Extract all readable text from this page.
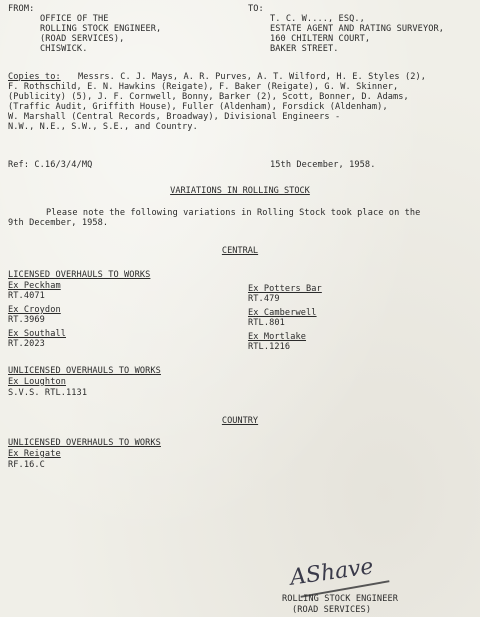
FROM:
OFFICE OF THE
ROLLING STOCK ENGINEER,
(ROAD SERVICES),
CHISWICK.
TO:
T. C. W...., ESQ.,
ESTATE AGENT AND RATING SURVEYOR,
160 CHILTERN COURT,
BAKER STREET.
Copies to: Messrs. C. J. Mays, A. R. Purves, A. T. Wilford, H. E. Styles (2),
F. Rothschild, E. N. Hawkins (Reigate), F. Baker (Reigate), G. W. Skinner,
(Publicity) (5), J. F. Cornwell, Bonny, Barker (2), Scott, Bonner, D. Adams,
(Traffic Audit, Griffith House), Fuller (Aldenham), Forsdick (Aldenham),
W. Marshall (Central Records, Broadway), Divisional Engineers -
N.W., N.E., S.W., S.E., and Country.
Ref: C.16/3/4/MQ	15th December, 1958.
VARIATIONS IN ROLLING STOCK
Please note the following variations in Rolling Stock took place on the
9th December, 1958.
CENTRAL
LICENSED OVERHAULS TO WORKS
Ex Peckham
RT.4071
Ex Croydon
RT.3969
Ex Southall
RT.2023
Ex Potters Bar
RT.479
Ex Camberwell
RTL.801
Ex Mortlake
RTL.1216
UNLICENSED OVERHAULS TO WORKS
Ex Loughton
S.V.S. RTL.1131
COUNTRY
UNLICENSED OVERHAULS TO WORKS
Ex Reigate
RF.16.C
AShave
ROLLING STOCK ENGINEER
(ROAD SERVICES)
